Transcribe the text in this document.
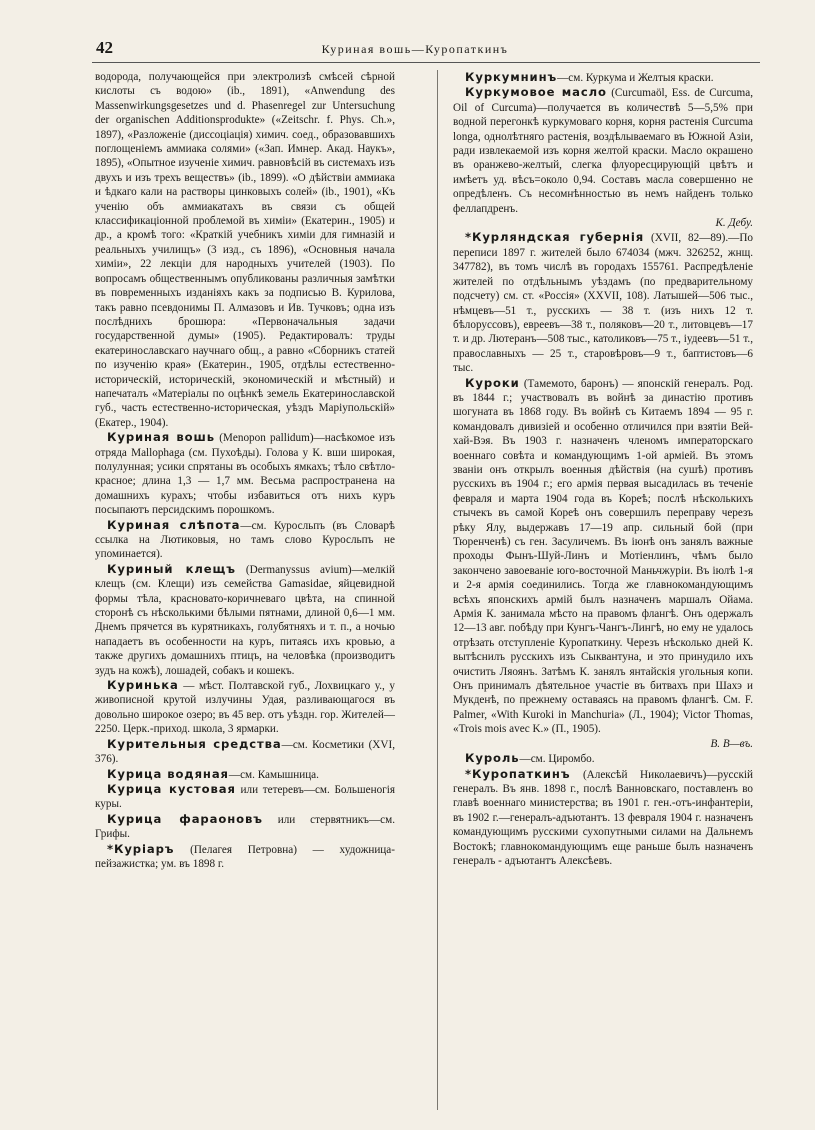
42	Куриная вошь—Куропаткинъ

водорода, получающейся при электролизѣ смѣсей сѣрной кислоты съ водою» (ib., 1891), «Anwendung des Massenwirkungsgesetzes und d. Phasenregel zur Untersuchung der organischen Additionsprodukte» («Zeitschr. f. Phys. Ch.», 1897), «Разложеніе (диссоціація) химич. соед., образовавшихъ поглощеніемъ аммиака солями» («Зап. Имнер. Акад. Наукъ», 1895), «Опытное изученіе химич. равновѣсій въ системахъ изъ двухъ и изъ трехъ веществъ» (ib., 1899). «О дѣйствіи аммиака и ѣдкаго кали на растворы цинковыхъ солей» (ib., 1901), «Къ ученію объ аммиакатахъ въ связи съ общей классификаціонной проблемой въ химіи» (Екатерин., 1905) и др., а кромѣ того: «Краткій учебникъ химіи для гимназій и реальныхъ училищъ» (3 изд., съ 1896), «Основныя начала химіи», 22 лекціи для народныхъ учителей (1903). По вопросамъ общественнымъ опубликованы различныя замѣтки въ повременныхъ изданіяхъ какъ за подписью В. Курилова, такъ равно псевдонимы П. Алмазовъ и Ив. Тучковъ; одна изъ послѣднихъ брошюра: «Первоначальныя задачи государственной думы» (1905). Редактировалъ: труды екатеринославскаго научнаго общ., а равно «Сборникъ статей по изученію края» (Екатерин., 1905, отдѣлы естественно-историческій, историческій, экономическій и мѣстный) и напечаталъ «Матеріалы по оцѣнкѣ земель Екатеринославской губ., часть естественно-историческая, уѣздъ Маріупольскій» (Екатер., 1904).

Куриная вошь (Menopon pallidum)—насѣкомое изъ отряда Mallophaga (см. Пухоѣды). Голова у К. вши широкая, полулунная; усики спрятаны въ особыхъ ямкахъ; тѣло свѣтло-красное; длина 1,3 — 1,7 мм. Весьма распространена на домашнихъ курахъ; чтобы избавиться отъ нихъ куръ посыпаютъ персидскимъ порошкомъ.

Куриная слѣпота—см. Куросльпъ (въ Словарѣ ссылка на Лютиковыя, но тамъ слово Куросльпъ не упоминается).

Куриный клещъ (Dermanyssus avium)—мелкій клещъ (см. Клещи) изъ семейства Gamasidae, яйцевидной формы тѣла, красновато-коричневаго цвѣта, на спинной сторонѣ съ нѣсколькими бѣлыми пятнами, длиной 0,6—1 мм. Днемъ прячется въ курятникахъ, голубятняхъ и т. п., а ночью нападаетъ въ особенности на куръ, питаясь ихъ кровью, а также другихъ домашнихъ птицъ, на человѣка (производитъ зудъ на кожѣ), лошадей, собакъ и кошекъ.

Куринька — мѣст. Полтавской губ., Лохвицкаго у., у живописной крутой излучины Удая, разливающагося въ довольно широкое озеро; въ 45 вер. отъ уѣздн. гор. Жителей—2250. Церк.-приход. школа, 3 ярмарки.

Курительныя средства—см. Косметики (XVI, 376).

Курица водяная—см. Камышница.

Курица кустовая или тетеревъ—см. Большеногія куры.

Курица фараоновъ или стервятникъ—см. Грифы.

*Куріаръ (Пелагея Петровна) — художница-пейзажистка; ум. въ 1898 г.

Куркумнинъ—см. Куркума и Желтыя краски.

Куркумовое масло (Curcumaöl, Ess. de Curcuma, Oil of Curcuma)—получается въ количествѣ 5—5,5% при водной перегонкѣ куркумоваго корня, корня растенія Curcuma longa, однолѣтняго растенія, воздѣлываемаго въ Южной Азіи, ради извлекаемой изъ корня желтой краски. Масло окрашено въ оранжево-желтый, слегка флуоресцирующій цвѣтъ и имѣетъ уд. вѣсъ=около 0,94. Составъ масла совершенно не опредѣленъ. Съ несомнѣнностью въ немъ найденъ только феллапдренъ.
К. Дебу.

*Курляндская губернія (XVII, 82—89).—По переписи 1897 г. жителей было 674034 (мжч. 326252, жнщ. 347782), въ томъ числѣ въ городахъ 155761. Распредѣленіе жителей по отдѣльнымъ уѣздамъ (по предварительному подсчету) см. ст. «Россія» (XXVII, 108). Латышей—506 тыс., нѣмцевъ—51 т., русскихъ — 38 т. (изъ нихъ 12 т. бѣлоруссовъ), евреевъ—38 т., поляковъ—20 т., литовцевъ—17 т. и др. Лютеранъ—508 тыс., католиковъ—75 т., іудеевъ—51 т., православныхъ — 25 т., старовѣровъ—9 т., баптистовъ—6 тыс.

Куроки (Тамемото, баронъ) — японскій генералъ. Род. въ 1844 г.; участвовалъ въ войнѣ за династію противъ шогуната въ 1868 году. Въ войнѣ съ Китаемъ 1894 — 95 г. командовалъ дивизіей и особенно отличился при взятіи Вей-хай-Вэя. Въ 1903 г. назначенъ членомъ императорскаго военнаго совѣта и командующимъ 1-ой арміей. Въ этомъ званіи онъ открылъ военныя дѣйствія (на сушѣ) противъ русскихъ въ 1904 г.; его армія первая высадилась въ теченіе февраля и марта 1904 года въ Кореѣ; послѣ нѣсколькихъ стычекъ въ самой Кореѣ онъ совершилъ переправу черезъ рѣку Ялу, выдержавъ 17—19 апр. сильный бой (при Тюренченѣ) съ ген. Засуличемъ. Въ іюнѣ онъ занялъ важные проходы Фынъ-Шуй-Линъ и Мотіенлинъ, чѣмъ было закончено завоеваніе юго-восточной Маньчжуріи. Въ іюлѣ 1-я и 2-я армія соединились. Тогда же главнокомандующимъ всѣхъ японскихъ армій былъ назначенъ маршалъ Ойама. Армія К. занимала мѣсто на правомъ флангѣ. Онъ одержалъ 12—13 авг. побѣду при Кунгъ-Чангъ-Лингѣ, но ему не удалось отрѣзать отступленіе Куропаткину. Черезъ нѣсколько дней К. вытѣснилъ русскихъ изъ Сыквантуна, и это принудило ихъ очистить Ляоянъ. Затѣмъ К. занялъ янтайскія угольныя копи. Онъ принималъ дѣятельное участіе въ битвахъ при Шахэ и Мукденѣ, по прежнему оставаясь на правомъ флангѣ. См. F. Palmer, «With Kuroki in Manchuria» (Л., 1904); Victor Thomas, «Trois mois avec K.» (П., 1905).
В. В—въ.

Куроль—см. Циромбо.

*Куропаткинъ (Алексѣй Николаевичъ)—русскій генералъ. Въ янв. 1898 г., послѣ Ванновскаго, поставленъ во главѣ военнаго министерства; въ 1901 г. ген.-отъ-инфантеріи, въ 1902 г.—генералъ-адъютантъ. 13 февраля 1904 г. назначенъ командующимъ русскими сухопутными силами на Дальнемъ Востокѣ; главнокомандующимъ еще раньше былъ назначенъ генералъ - адъютантъ Алексѣевъ.
